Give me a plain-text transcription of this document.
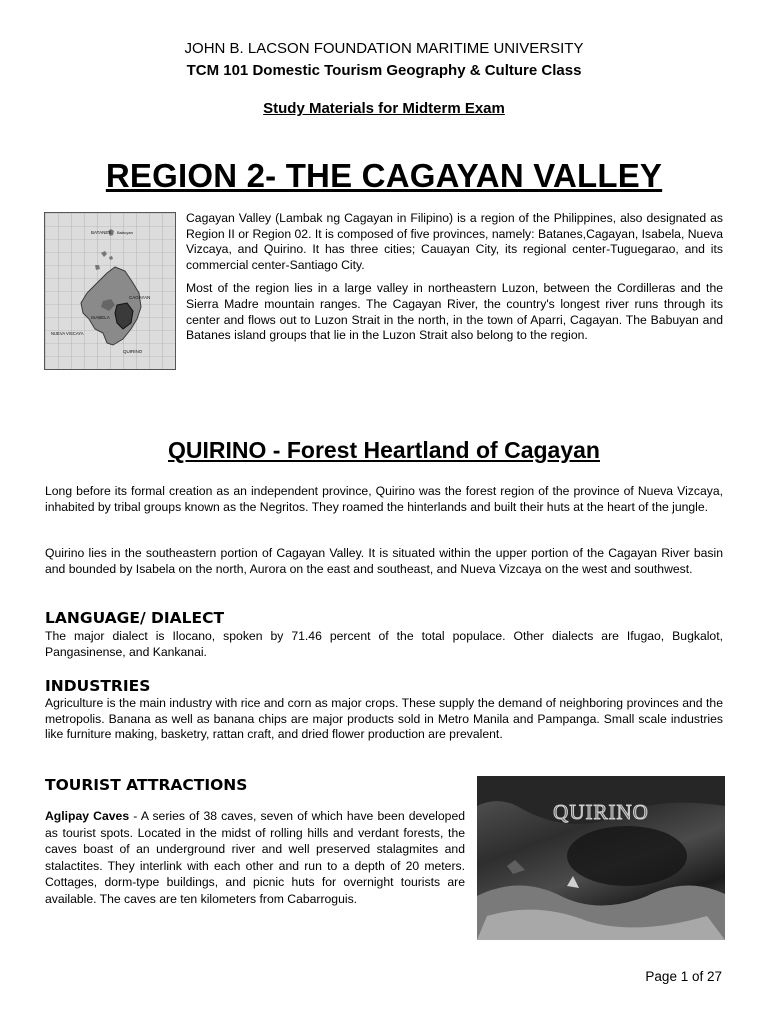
JOHN B. LACSON FOUNDATION MARITIME UNIVERSITY
TCM 101 Domestic Tourism Geography & Culture Class
Study Materials for Midterm Exam
REGION 2- THE CAGAYAN VALLEY
BATANES Babuyan
CAGAYAN
ISABELA
NUEVA VISCAYA
QUIRINO

Cagayan Valley (Lambak ng Cagayan in Filipino) is a region of the Philippines, also designated as Region II or Region 02. It is composed of five provinces, namely: Batanes,Cagayan, Isabela, Nueva Vizcaya, and Quirino. It has three cities; Cauayan City, its regional center-Tuguegarao, and its commercial center-Santiago City.

Most of the region lies in a large valley in northeastern Luzon, between the Cordilleras and the Sierra Madre mountain ranges. The Cagayan River, the country's longest river runs through its center and flows out to Luzon Strait in the north, in the town of Aparri, Cagayan. The Babuyan and Batanes island groups that lie in the Luzon Strait also belong to the region.

QUIRINO - Forest Heartland of Cagayan

Long before its formal creation as an independent province, Quirino was the forest region of the province of Nueva Vizcaya, inhabited by tribal groups known as the Negritos. They roamed the hinterlands and built their huts at the heart of the jungle.

Quirino lies in the southeastern portion of Cagayan Valley. It is situated within the upper portion of the Cagayan River basin and bounded by Isabela on the north, Aurora on the east and southeast, and Nueva Vizcaya on the west and southwest.

LANGUAGE/ DIALECT

The major dialect is Ilocano, spoken by 71.46 percent of the total populace. Other dialects are Ifugao, Bugkalot, Pangasinense, and Kankanai.

INDUSTRIES

Agriculture is the main industry with rice and corn as major crops. These supply the demand of neighboring provinces and the metropolis. Banana as well as banana chips are major products sold in Metro Manila and Pampanga. Small scale industries like furniture making, basketry, rattan craft, and dried flower production are prevalent.

TOURIST ATTRACTIONS

Aglipay Caves - A series of 38 caves, seven of which have been developed as tourist spots. Located in the midst of rolling hills and verdant forests, the caves boast of an underground river and well preserved stalagmites and stalactites. They interlink with each other and run to a depth of 20 meters. Cottages, dorm-type buildings, and picnic huts for overnight tourists are available. The caves are ten kilometers from Cabarroguis.

QUIRINO
Page 1 of 27
